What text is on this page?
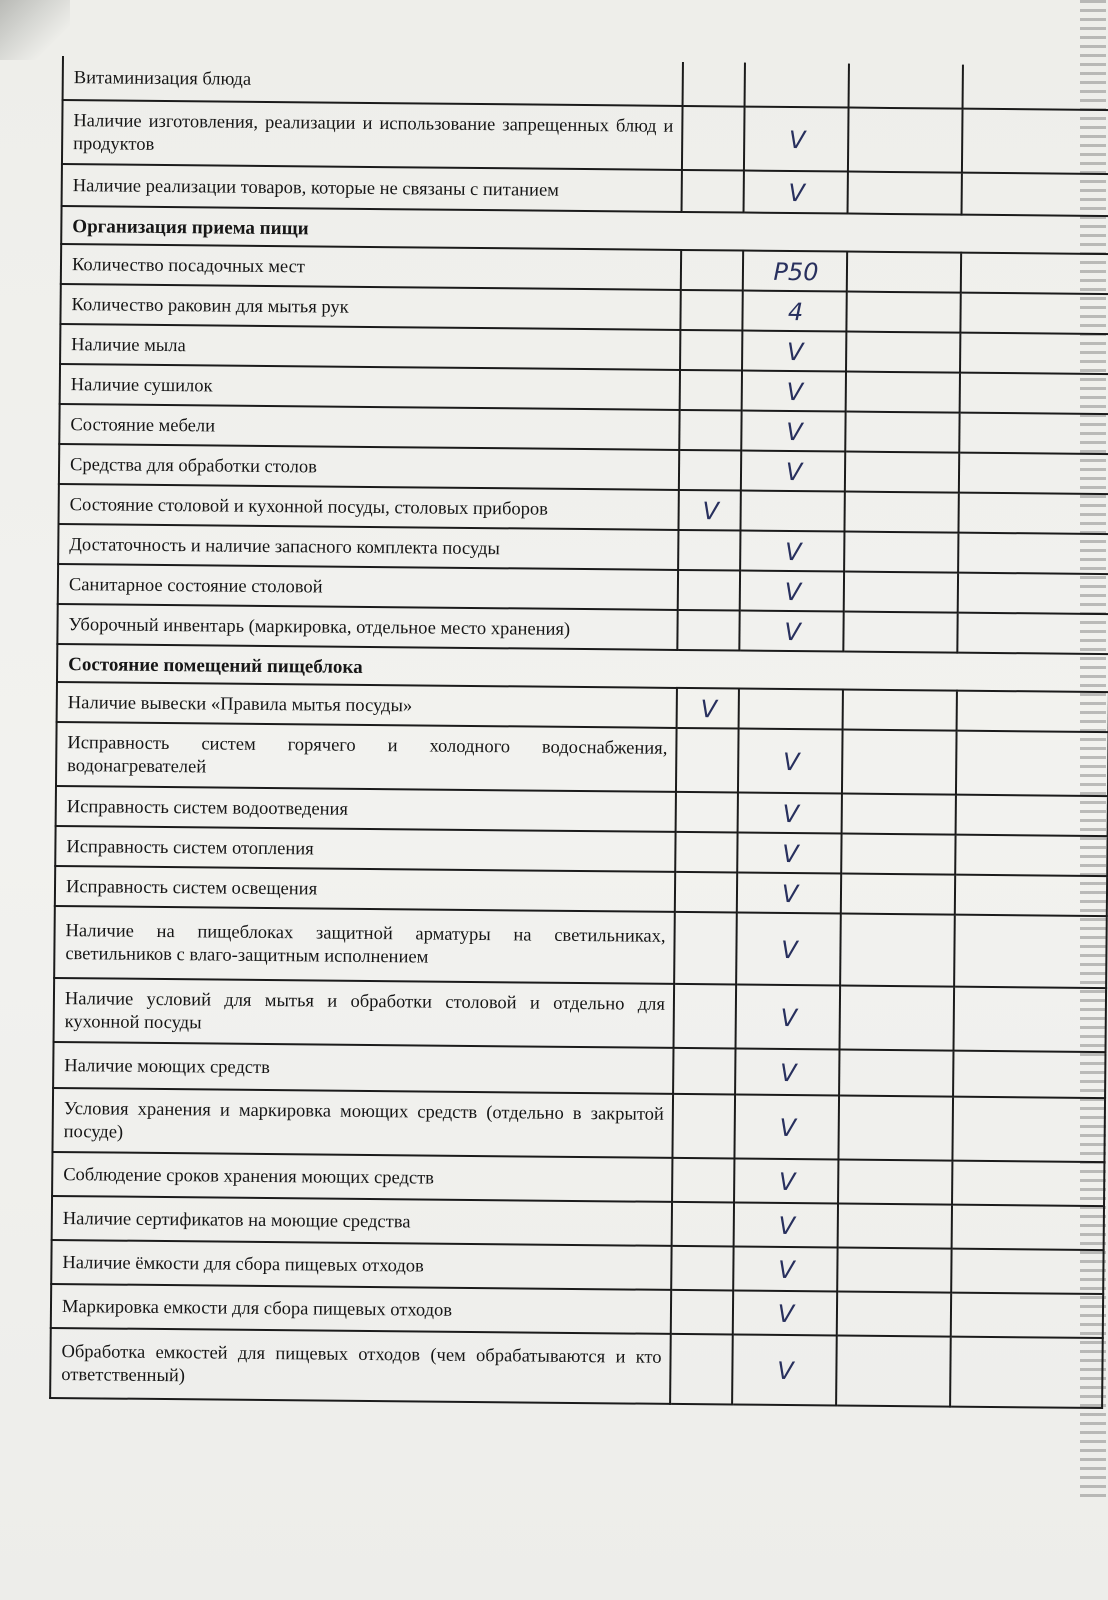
Витаминизация блюда				
Наличие изготовления, реализации и использование запрещенных блюд и продуктов		V		
Наличие реализации товаров, которые не связаны с питанием		V		
Организация приема пищи				
Количество посадочных мест		P50		
Количество раковин для мытья рук		4		
Наличие мыла		V		
Наличие сушилок		V		
Состояние мебели		V		
Средства для обработки столов		V		
Состояние столовой и кухонной посуды, столовых приборов	V			
Достаточность и наличие запасного комплекта посуды		V		
Санитарное состояние столовой		V		
Уборочный инвентарь (маркировка, отдельное место хранения)		V		
Состояние помещений пищеблока				
Наличие вывески «Правила мытья посуды»	V			
Исправность систем горячего и холодного водоснабжения, водонагревателей		V		
Исправность систем водоотведения		V		
Исправность систем отопления		V		
Исправность систем освещения		V		
Наличие на пищеблоках защитной арматуры на светильниках, светильников с влаго-защитным исполнением		V		
Наличие условий для мытья и обработки столовой и отдельно для кухонной посуды		V		
Наличие моющих средств		V		
Условия хранения и маркировка моющих средств (отдельно в закрытой посуде)		V		
Соблюдение сроков хранения моющих средств		V		
Наличие сертификатов на моющие средства		V		
Наличие ёмкости для сбора пищевых отходов		V		
Маркировка емкости для сбора пищевых отходов		V		
Обработка емкостей для пищевых отходов (чем обрабатываются и кто ответственный)		V		
